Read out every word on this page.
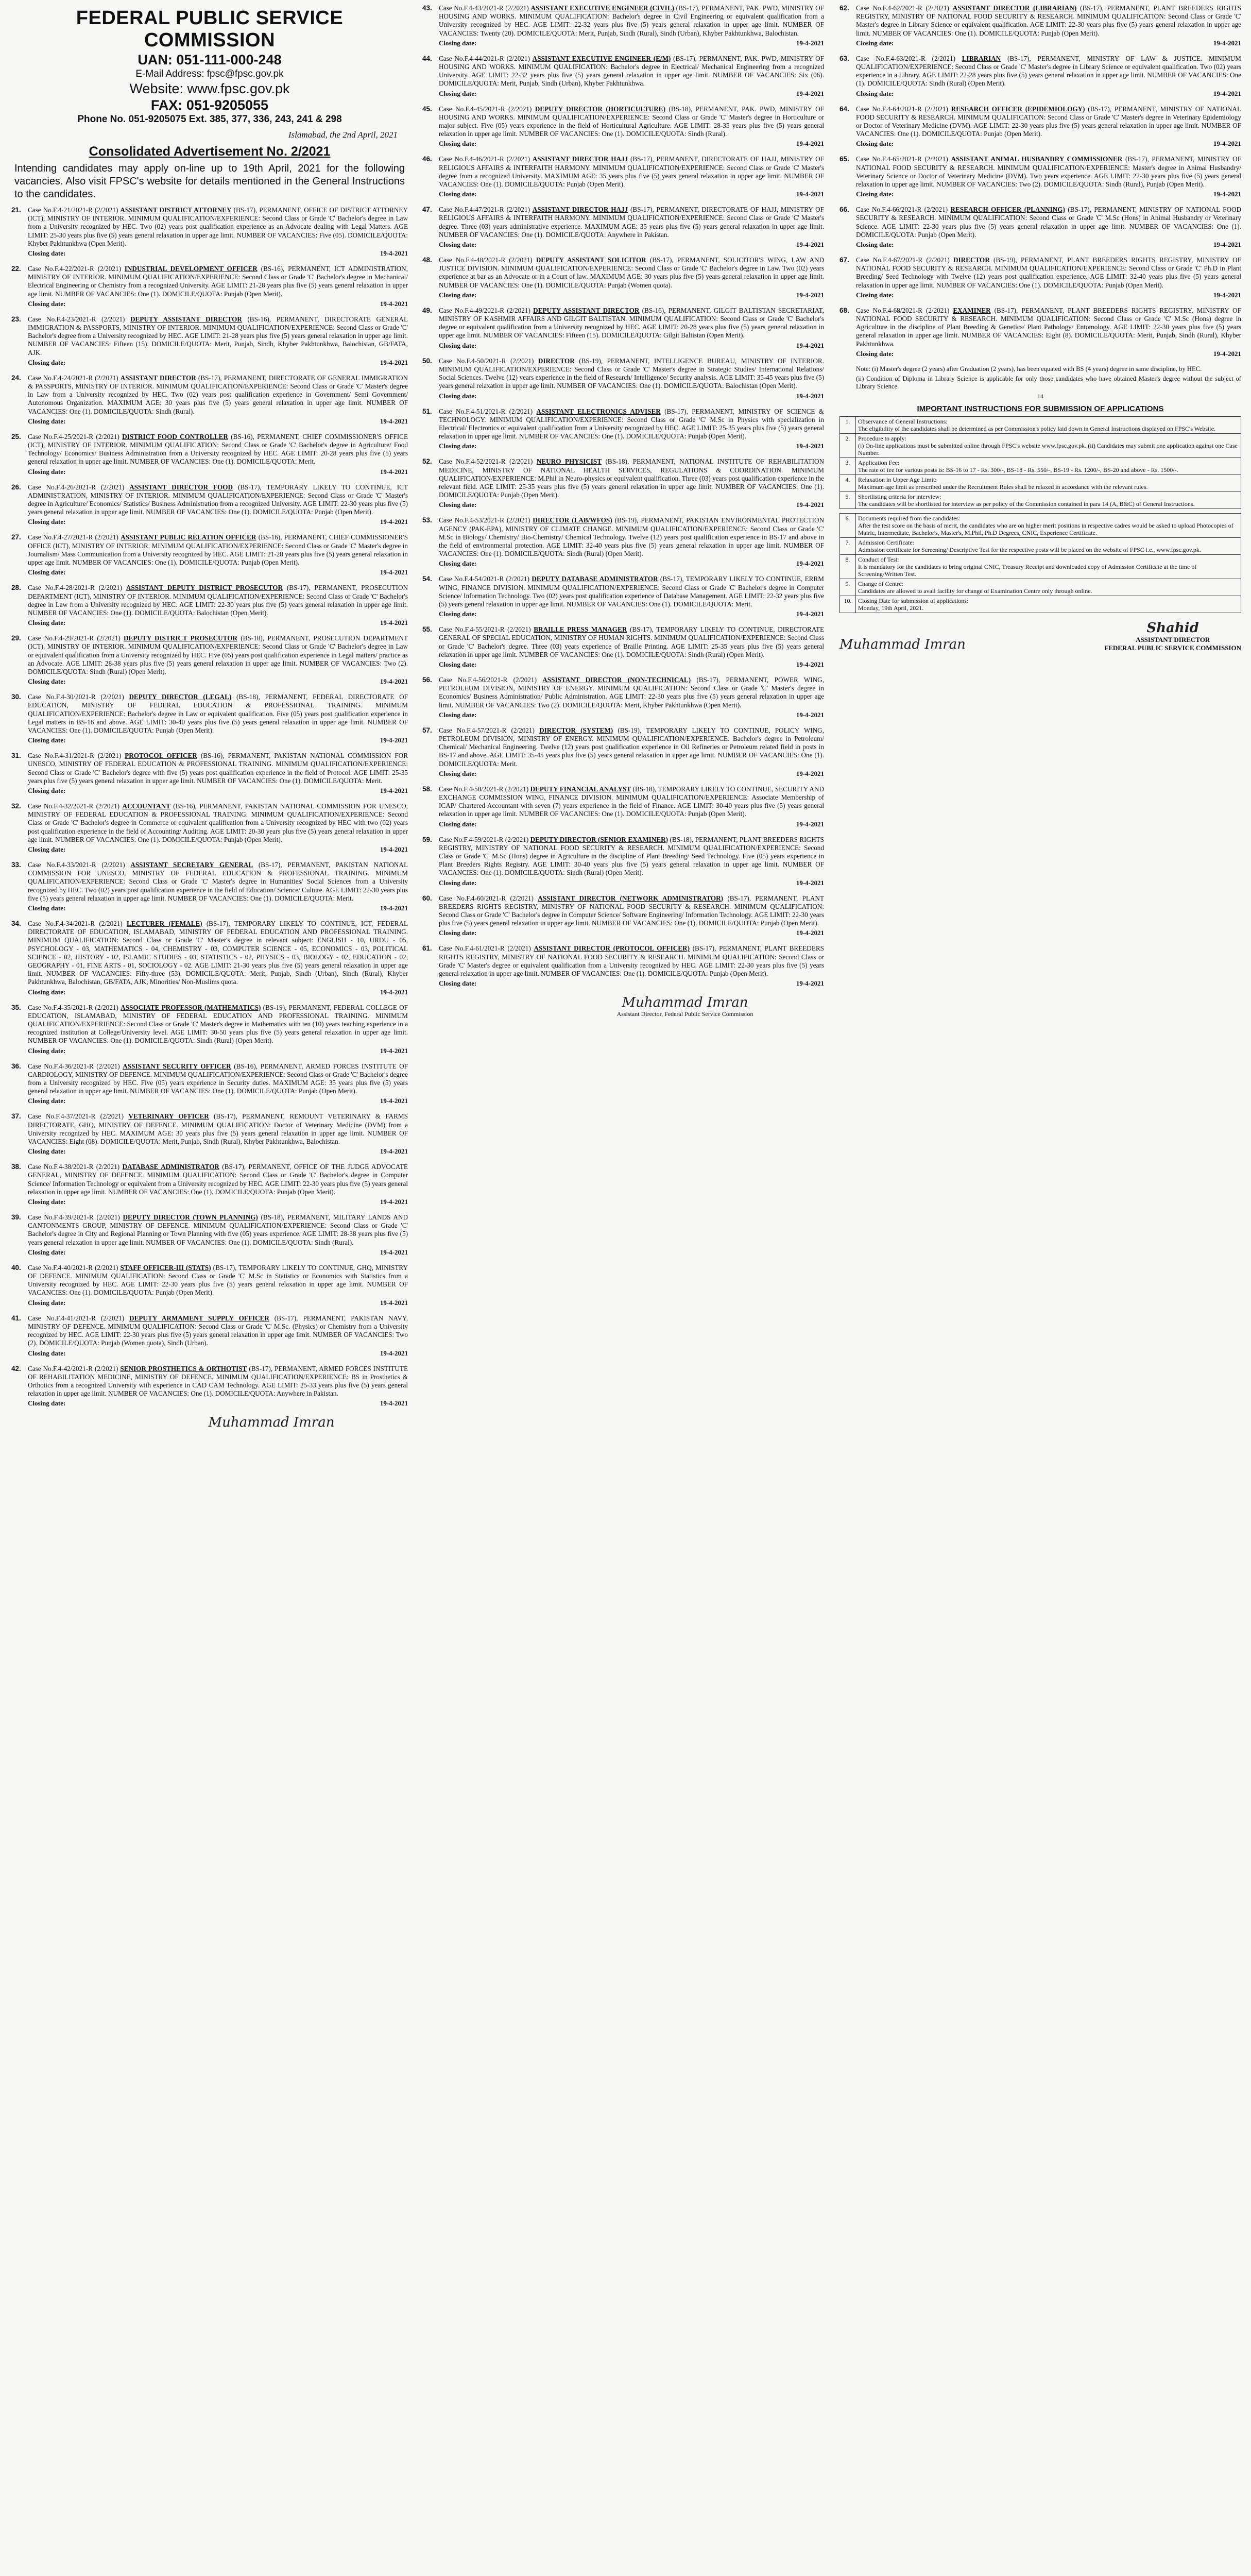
FEDERAL PUBLIC SERVICE COMMISSION
UAN: 051-111-000-248
E-Mail Address: fpsc@fpsc.gov.pk
Website: www.fpsc.gov.pk
FAX: 051-9205055
Phone No. 051-9205075 Ext. 385, 377, 336, 243, 241 & 298
Islamabad, the 2nd April, 2021
Consolidated Advertisement No. 2/2021
Intending candidates may apply on-line up to 19th April, 2021 for the following vacancies. Also visit FPSC's website for details mentioned in the General Instructions to the candidates.
21.	Case No.F.4-21/2021-R (2/2021) ASSISTANT DISTRICT ATTORNEY (BS-17), PERMANENT, OFFICE OF DISTRICT ATTORNEY (ICT), MINISTRY OF INTERIOR. MINIMUM QUALIFICATION/EXPERIENCE: Second Class or Grade 'C' Bachelor's degree in Law from a University recognized by HEC. Two (02) years post qualification experience as an Advocate dealing with Legal Matters. AGE LIMIT: 25-30 years plus five (5) years general relaxation in upper age limit. NUMBER OF VACANCIES: Five (05). DOMICILE/QUOTA: Khyber Pakhtunkhwa (Open Merit).
Closing date:	19-4-2021
22.	Case No.F.4-22/2021-R (2/2021) INDUSTRIAL DEVELOPMENT OFFICER (BS-16), PERMANENT, ICT ADMINISTRATION, MINISTRY OF INTERIOR. MINIMUM QUALIFICATION/EXPERIENCE: Second Class or Grade 'C' Bachelor's degree in Mechanical/ Electrical Engineering or Chemistry from a recognized University. AGE LIMIT: 21-28 years plus five (5) years general relaxation in upper age limit. NUMBER OF VACANCIES: One (1). DOMICILE/QUOTA: Punjab (Open Merit).
Closing date:	19-4-2021
23.	Case No.F.4-23/2021-R (2/2021) DEPUTY ASSISTANT DIRECTOR (BS-16), PERMANENT, DIRECTORATE GENERAL IMMIGRATION & PASSPORTS, MINISTRY OF INTERIOR. MINIMUM QUALIFICATION/EXPERIENCE: Second Class or Grade 'C' Bachelor's degree from a University recognized by HEC. AGE LIMIT: 21-28 years plus five (5) years general relaxation in upper age limit. NUMBER OF VACANCIES: Fifteen (15). DOMICILE/QUOTA: Merit, Punjab, Sindh, Khyber Pakhtunkhwa, Balochistan, GB/FATA, AJK.
Closing date:	19-4-2021
24.	Case No.F.4-24/2021-R (2/2021) ASSISTANT DIRECTOR (BS-17), PERMANENT, DIRECTORATE OF GENERAL IMMIGRATION & PASSPORTS, MINISTRY OF INTERIOR. MINIMUM QUALIFICATION/EXPERIENCE: Second Class or Grade 'C' Master's degree in Law from a University recognized by HEC. Two (02) years post qualification experience in Government/ Semi Government/ Autonomous Organization. MAXIMUM AGE: 30 years plus five (5) years general relaxation in upper age limit. NUMBER OF VACANCIES: One (1). DOMICILE/QUOTA: Sindh (Rural).
Closing date:	19-4-2021
25.	Case No.F.4-25/2021-R (2/2021) DISTRICT FOOD CONTROLLER (BS-16), PERMANENT, CHIEF COMMISSIONER'S OFFICE (ICT), MINISTRY OF INTERIOR. MINIMUM QUALIFICATION: Second Class or Grade 'C' Bachelor's degree in Agriculture/ Food Technology/ Economics/ Business Administration from a University recognized by HEC. AGE LIMIT: 20-28 years plus five (5) years general relaxation in upper age limit. NUMBER OF VACANCIES: One (1). DOMICILE/QUOTA: Merit.
Closing date:	19-4-2021
26.	Case No.F.4-26/2021-R (2/2021) ASSISTANT DIRECTOR FOOD (BS-17), TEMPORARY LIKELY TO CONTINUE, ICT ADMINISTRATION, MINISTRY OF INTERIOR. MINIMUM QUALIFICATION/EXPERIENCE: Second Class or Grade 'C' Master's degree in Agriculture/ Economics/ Statistics/ Business Administration from a recognized University. AGE LIMIT: 22-30 years plus five (5) years general relaxation in upper age limit. NUMBER OF VACANCIES: One (1). DOMICILE/QUOTA: Punjab (Open Merit).
Closing date:	19-4-2021
27.	Case No.F.4-27/2021-R (2/2021) ASSISTANT PUBLIC RELATION OFFICER (BS-16), PERMANENT, CHIEF COMMISSIONER'S OFFICE (ICT), MINISTRY OF INTERIOR. MINIMUM QUALIFICATION/EXPERIENCE: Second Class or Grade 'C' Master's degree in Journalism/ Mass Communication from a University recognized by HEC. AGE LIMIT: 21-28 years plus five (5) years general relaxation in upper age limit. NUMBER OF VACANCIES: One (1). DOMICILE/QUOTA: Punjab (Open Merit).
Closing date:	19-4-2021
28.	Case No.F.4-28/2021-R (2/2021) ASSISTANT DEPUTY DISTRICT PROSECUTOR (BS-17), PERMANENT, PROSECUTION DEPARTMENT (ICT), MINISTRY OF INTERIOR. MINIMUM QUALIFICATION/EXPERIENCE: Second Class or Grade 'C' Bachelor's degree in Law from a University recognized by HEC. AGE LIMIT: 22-30 years plus five (5) years general relaxation in upper age limit. NUMBER OF VACANCIES: One (1). DOMICILE/QUOTA: Balochistan (Open Merit).
Closing date:	19-4-2021
29.	Case No.F.4-29/2021-R (2/2021) DEPUTY DISTRICT PROSECUTOR (BS-18), PERMANENT, PROSECUTION DEPARTMENT (ICT), MINISTRY OF INTERIOR. MINIMUM QUALIFICATION/EXPERIENCE: Second Class or Grade 'C' Bachelor's degree in Law or equivalent qualification from a University recognized by HEC. Five (05) years post qualification experience in Legal matters/ practice as an Advocate. AGE LIMIT: 28-38 years plus five (5) years general relaxation in upper age limit. NUMBER OF VACANCIES: Two (2). DOMICILE/QUOTA: Sindh (Rural) (Open Merit).
Closing date:	19-4-2021
30.	Case No.F.4-30/2021-R (2/2021) DEPUTY DIRECTOR (LEGAL) (BS-18), PERMANENT, FEDERAL DIRECTORATE OF EDUCATION, MINISTRY OF FEDERAL EDUCATION & PROFESSIONAL TRAINING. MINIMUM QUALIFICATION/EXPERIENCE: Bachelor's degree in Law or equivalent qualification. Five (05) years post qualification experience in Legal matters in BS-16 and above. AGE LIMIT: 30-40 years plus five (5) years general relaxation in upper age limit. NUMBER OF VACANCIES: One (1). DOMICILE/QUOTA: Punjab (Open Merit).
Closing date:	19-4-2021
31.	Case No.F.4-31/2021-R (2/2021) PROTOCOL OFFICER (BS-16), PERMANENT, PAKISTAN NATIONAL COMMISSION FOR UNESCO, MINISTRY OF FEDERAL EDUCATION & PROFESSIONAL TRAINING. MINIMUM QUALIFICATION/EXPERIENCE: Second Class or Grade 'C' Bachelor's degree with five (5) years post qualification experience in the field of Protocol. AGE LIMIT: 25-35 years plus five (5) years general relaxation in upper age limit. NUMBER OF VACANCIES: One (1). DOMICILE/QUOTA: Merit.
Closing date:	19-4-2021
32.	Case No.F.4-32/2021-R (2/2021) ACCOUNTANT (BS-16), PERMANENT, PAKISTAN NATIONAL COMMISSION FOR UNESCO, MINISTRY OF FEDERAL EDUCATION & PROFESSIONAL TRAINING. MINIMUM QUALIFICATION/EXPERIENCE: Second Class or Grade 'C' Bachelor's degree in Commerce or equivalent qualification from a University recognized by HEC with two (02) years post qualification experience in the field of Accounting/ Auditing. AGE LIMIT: 20-30 years plus five (5) years general relaxation in upper age limit. NUMBER OF VACANCIES: One (1). DOMICILE/QUOTA: Punjab (Open Merit).
Closing date:	19-4-2021
33.	Case No.F.4-33/2021-R (2/2021) ASSISTANT SECRETARY GENERAL (BS-17), PERMANENT, PAKISTAN NATIONAL COMMISSION FOR UNESCO, MINISTRY OF FEDERAL EDUCATION & PROFESSIONAL TRAINING. MINIMUM QUALIFICATION/EXPERIENCE: Second Class or Grade 'C' Master's degree in Humanities/ Social Sciences from a University recognized by HEC. Two (02) years post qualification experience in the field of Education/ Science/ Culture. AGE LIMIT: 22-30 years plus five (5) years general relaxation in upper age limit. NUMBER OF VACANCIES: One (1). DOMICILE/QUOTA: Merit.
Closing date:	19-4-2021
34.	Case No.F.4-34/2021-R (2/2021) LECTURER (FEMALE) (BS-17), TEMPORARY LIKELY TO CONTINUE, ICT, FEDERAL DIRECTORATE OF EDUCATION, ISLAMABAD, MINISTRY OF FEDERAL EDUCATION AND PROFESSIONAL TRAINING. MINIMUM QUALIFICATION: Second Class or Grade 'C' Master's degree in relevant subject: ENGLISH - 10, URDU - 05, PSYCHOLOGY - 03, MATHEMATICS - 04, CHEMISTRY - 03, COMPUTER SCIENCE - 05, ECONOMICS - 03, POLITICAL SCIENCE - 02, HISTORY - 02, ISLAMIC STUDIES - 03, STATISTICS - 02, PHYSICS - 03, BIOLOGY - 02, EDUCATION - 02, GEOGRAPHY - 01, FINE ARTS - 01, SOCIOLOGY - 02. AGE LIMIT: 21-30 years plus five (5) years general relaxation in upper age limit. NUMBER OF VACANCIES: Fifty-three (53). DOMICILE/QUOTA: Merit, Punjab, Sindh (Urban), Sindh (Rural), Khyber Pakhtunkhwa, Balochistan, GB/FATA, AJK, Minorities/ Non-Muslims quota.
Closing date:	19-4-2021
35.	Case No.F.4-35/2021-R (2/2021) ASSOCIATE PROFESSOR (MATHEMATICS) (BS-19), PERMANENT, FEDERAL COLLEGE OF EDUCATION, ISLAMABAD, MINISTRY OF FEDERAL EDUCATION AND PROFESSIONAL TRAINING. MINIMUM QUALIFICATION/EXPERIENCE: Second Class or Grade 'C' Master's degree in Mathematics with ten (10) years teaching experience in a recognized institution at College/University level. AGE LIMIT: 30-50 years plus five (5) years general relaxation in upper age limit. NUMBER OF VACANCIES: One (1). DOMICILE/QUOTA: Sindh (Rural) (Open Merit).
Closing date:	19-4-2021
36.	Case No.F.4-36/2021-R (2/2021) ASSISTANT SECURITY OFFICER (BS-16), PERMANENT, ARMED FORCES INSTITUTE OF CARDIOLOGY, MINISTRY OF DEFENCE. MINIMUM QUALIFICATION/EXPERIENCE: Second Class or Grade 'C' Bachelor's degree from a University recognized by HEC. Five (05) years experience in Security duties. MAXIMUM AGE: 35 years plus five (5) years general relaxation in upper age limit. NUMBER OF VACANCIES: One (1). DOMICILE/QUOTA: Punjab (Open Merit).
Closing date:	19-4-2021
37.	Case No.F.4-37/2021-R (2/2021) VETERINARY OFFICER (BS-17), PERMANENT, REMOUNT VETERINARY & FARMS DIRECTORATE, GHQ, MINISTRY OF DEFENCE. MINIMUM QUALIFICATION: Doctor of Veterinary Medicine (DVM) from a University recognized by HEC. MAXIMUM AGE: 30 years plus five (5) years general relaxation in upper age limit. NUMBER OF VACANCIES: Eight (08). DOMICILE/QUOTA: Merit, Punjab, Sindh (Rural), Khyber Pakhtunkhwa, Balochistan.
Closing date:	19-4-2021
38.	Case No.F.4-38/2021-R (2/2021) DATABASE ADMINISTRATOR (BS-17), PERMANENT, OFFICE OF THE JUDGE ADVOCATE GENERAL, MINISTRY OF DEFENCE. MINIMUM QUALIFICATION: Second Class or Grade 'C' Bachelor's degree in Computer Science/ Information Technology or equivalent from a University recognized by HEC. AGE LIMIT: 22-30 years plus five (5) years general relaxation in upper age limit. NUMBER OF VACANCIES: One (1). DOMICILE/QUOTA: Punjab (Open Merit).
Closing date:	19-4-2021
39.	Case No.F.4-39/2021-R (2/2021) DEPUTY DIRECTOR (TOWN PLANNING) (BS-18), PERMANENT, MILITARY LANDS AND CANTONMENTS GROUP, MINISTRY OF DEFENCE. MINIMUM QUALIFICATION/EXPERIENCE: Second Class or Grade 'C' Bachelor's degree in City and Regional Planning or Town Planning with five (05) years experience. AGE LIMIT: 28-38 years plus five (5) years general relaxation in upper age limit. NUMBER OF VACANCIES: One (1). DOMICILE/QUOTA: Sindh (Rural).
Closing date:	19-4-2021
40.	Case No.F.4-40/2021-R (2/2021) STAFF OFFICER-III (STATS) (BS-17), TEMPORARY LIKELY TO CONTINUE, GHQ, MINISTRY OF DEFENCE. MINIMUM QUALIFICATION: Second Class or Grade 'C' M.Sc in Statistics or Economics with Statistics from a University recognized by HEC. AGE LIMIT: 22-30 years plus five (5) years general relaxation in upper age limit. NUMBER OF VACANCIES: One (1). DOMICILE/QUOTA: Punjab (Open Merit).
Closing date:	19-4-2021
41.	Case No.F.4-41/2021-R (2/2021) DEPUTY ARMAMENT SUPPLY OFFICER (BS-17), PERMANENT, PAKISTAN NAVY, MINISTRY OF DEFENCE. MINIMUM QUALIFICATION: Second Class or Grade 'C' M.Sc. (Physics) or Chemistry from a University recognized by HEC. AGE LIMIT: 22-30 years plus five (5) years general relaxation in upper age limit. NUMBER OF VACANCIES: Two (2). DOMICILE/QUOTA: Punjab (Women quota), Sindh (Urban).
Closing date:	19-4-2021
42.	Case No.F.4-42/2021-R (2/2021) SENIOR PROSTHETICS & ORTHOTIST (BS-17), PERMANENT, ARMED FORCES INSTITUTE OF REHABILITATION MEDICINE, MINISTRY OF DEFENCE. MINIMUM QUALIFICATION/EXPERIENCE: BS in Prosthetics & Orthotics from a recognized University with experience in CAD CAM Technology. AGE LIMIT: 25-33 years plus five (5) years general relaxation in upper age limit. NUMBER OF VACANCIES: One (1). DOMICILE/QUOTA: Anywhere in Pakistan.
Closing date:	19-4-2021
Muhammad Imran
43.	Case No.F.4-43/2021-R (2/2021) ASSISTANT EXECUTIVE ENGINEER (CIVIL) (BS-17), PERMANENT, PAK. PWD, MINISTRY OF HOUSING AND WORKS. MINIMUM QUALIFICATION: Bachelor's degree in Civil Engineering or equivalent qualification from a University recognized by HEC. AGE LIMIT: 22-32 years plus five (5) years general relaxation in upper age limit. NUMBER OF VACANCIES: Twenty (20). DOMICILE/QUOTA: Merit, Punjab, Sindh (Rural), Sindh (Urban), Khyber Pakhtunkhwa, Balochistan.
Closing date:	19-4-2021
44.	Case No.F.4-44/2021-R (2/2021) ASSISTANT EXECUTIVE ENGINEER (E/M) (BS-17), PERMANENT, PAK. PWD, MINISTRY OF HOUSING AND WORKS. MINIMUM QUALIFICATION: Bachelor's degree in Electrical/ Mechanical Engineering from a recognized University. AGE LIMIT: 22-32 years plus five (5) years general relaxation in upper age limit. NUMBER OF VACANCIES: Six (06). DOMICILE/QUOTA: Merit, Punjab, Sindh (Urban), Khyber Pakhtunkhwa.
Closing date:	19-4-2021
45.	Case No.F.4-45/2021-R (2/2021) DEPUTY DIRECTOR (HORTICULTURE) (BS-18), PERMANENT, PAK. PWD, MINISTRY OF HOUSING AND WORKS. MINIMUM QUALIFICATION/EXPERIENCE: Second Class or Grade 'C' Master's degree in Horticulture or major subject. Five (05) years experience in the field of Horticultural Agriculture. AGE LIMIT: 28-35 years plus five (5) years general relaxation in upper age limit. NUMBER OF VACANCIES: One (1). DOMICILE/QUOTA: Sindh (Rural).
Closing date:	19-4-2021
46.	Case No.F.4-46/2021-R (2/2021) ASSISTANT DIRECTOR HAJJ (BS-17), PERMANENT, DIRECTORATE OF HAJJ, MINISTRY OF RELIGIOUS AFFAIRS & INTERFAITH HARMONY. MINIMUM QUALIFICATION/EXPERIENCE: Second Class or Grade 'C' Master's degree from a recognized University. MAXIMUM AGE: 35 years plus five (5) years general relaxation in upper age limit. NUMBER OF VACANCIES: One (1). DOMICILE/QUOTA: Punjab (Open Merit).
Closing date:	19-4-2021
47.	Case No.F.4-47/2021-R (2/2021) ASSISTANT DIRECTOR HAJJ (BS-17), PERMANENT, DIRECTORATE OF HAJJ, MINISTRY OF RELIGIOUS AFFAIRS & INTERFAITH HARMONY. MINIMUM QUALIFICATION/EXPERIENCE: Second Class or Grade 'C' Master's degree. Three (03) years administrative experience. MAXIMUM AGE: 35 years plus five (5) years general relaxation in upper age limit. NUMBER OF VACANCIES: One (1). DOMICILE/QUOTA: Anywhere in Pakistan.
Closing date:	19-4-2021
48.	Case No.F.4-48/2021-R (2/2021) DEPUTY ASSISTANT SOLICITOR (BS-17), PERMANENT, SOLICITOR'S WING, LAW AND JUSTICE DIVISION. MINIMUM QUALIFICATION/EXPERIENCE: Second Class or Grade 'C' Bachelor's degree in Law. Two (02) years experience at bar as an Advocate or in a Court of law. MAXIMUM AGE: 30 years plus five (5) years general relaxation in upper age limit. NUMBER OF VACANCIES: One (1). DOMICILE/QUOTA: Punjab (Women quota).
Closing date:	19-4-2021
49.	Case No.F.4-49/2021-R (2/2021) DEPUTY ASSISTANT DIRECTOR (BS-16), PERMANENT, GILGIT BALTISTAN SECRETARIAT, MINISTRY OF KASHMIR AFFAIRS AND GILGIT BALTISTAN. MINIMUM QUALIFICATION: Second Class or Grade 'C' Bachelor's degree or equivalent qualification from a University recognized by HEC. AGE LIMIT: 20-28 years plus five (5) years general relaxation in upper age limit. NUMBER OF VACANCIES: Fifteen (15). DOMICILE/QUOTA: Gilgit Baltistan (Open Merit).
Closing date:	19-4-2021
50.	Case No.F.4-50/2021-R (2/2021) DIRECTOR (BS-19), PERMANENT, INTELLIGENCE BUREAU, MINISTRY OF INTERIOR. MINIMUM QUALIFICATION/EXPERIENCE: Second Class or Grade 'C' Master's degree in Strategic Studies/ International Relations/ Social Sciences. Twelve (12) years experience in the field of Research/ Intelligence/ Security analysis. AGE LIMIT: 35-45 years plus five (5) years general relaxation in upper age limit. NUMBER OF VACANCIES: One (1). DOMICILE/QUOTA: Balochistan (Open Merit).
Closing date:	19-4-2021
51.	Case No.F.4-51/2021-R (2/2021) ASSISTANT ELECTRONICS ADVISER (BS-17), PERMANENT, MINISTRY OF SCIENCE & TECHNOLOGY. MINIMUM QUALIFICATION/EXPERIENCE: Second Class or Grade 'C' M.Sc in Physics with specialization in Electrical/ Electronics or equivalent qualification from a University recognized by HEC. AGE LIMIT: 25-35 years plus five (5) years general relaxation in upper age limit. NUMBER OF VACANCIES: One (1). DOMICILE/QUOTA: Punjab (Open Merit).
Closing date:	19-4-2021
52.	Case No.F.4-52/2021-R (2/2021) NEURO PHYSICIST (BS-18), PERMANENT, NATIONAL INSTITUTE OF REHABILITATION MEDICINE, MINISTRY OF NATIONAL HEALTH SERVICES, REGULATIONS & COORDINATION. MINIMUM QUALIFICATION/EXPERIENCE: M.Phil in Neuro-physics or equivalent qualification. Three (03) years post qualification experience in the relevant field. AGE LIMIT: 25-35 years plus five (5) years general relaxation in upper age limit. NUMBER OF VACANCIES: One (1). DOMICILE/QUOTA: Punjab (Open Merit).
Closing date:	19-4-2021
53.	Case No.F.4-53/2021-R (2/2021) DIRECTOR (LAB/WFOS) (BS-19), PERMANENT, PAKISTAN ENVIRONMENTAL PROTECTION AGENCY (PAK-EPA), MINISTRY OF CLIMATE CHANGE. MINIMUM QUALIFICATION/EXPERIENCE: Second Class or Grade 'C' M.Sc in Biology/ Chemistry/ Bio-Chemistry/ Chemical Technology. Twelve (12) years post qualification experience in BS-17 and above in the field of environmental protection. AGE LIMIT: 32-40 years plus five (5) years general relaxation in upper age limit. NUMBER OF VACANCIES: One (1). DOMICILE/QUOTA: Sindh (Rural) (Open Merit).
Closing date:	19-4-2021
54.	Case No.F.4-54/2021-R (2/2021) DEPUTY DATABASE ADMINISTRATOR (BS-17), TEMPORARY LIKELY TO CONTINUE, ERRM WING, FINANCE DIVISION. MINIMUM QUALIFICATION/EXPERIENCE: Second Class or Grade 'C' Bachelor's degree in Computer Science/ Information Technology. Two (02) years post qualification experience of Database Management. AGE LIMIT: 22-32 years plus five (5) years general relaxation in upper age limit. NUMBER OF VACANCIES: One (1). DOMICILE/QUOTA: Merit.
Closing date:	19-4-2021
55.	Case No.F.4-55/2021-R (2/2021) BRAILLE PRESS MANAGER (BS-17), TEMPORARY LIKELY TO CONTINUE, DIRECTORATE GENERAL OF SPECIAL EDUCATION, MINISTRY OF HUMAN RIGHTS. MINIMUM QUALIFICATION/EXPERIENCE: Second Class or Grade 'C' Bachelor's degree. Three (03) years experience of Braille Printing. AGE LIMIT: 25-35 years plus five (5) years general relaxation in upper age limit. NUMBER OF VACANCIES: One (1). DOMICILE/QUOTA: Sindh (Rural) (Open Merit).
Closing date:	19-4-2021
56.	Case No.F.4-56/2021-R (2/2021) ASSISTANT DIRECTOR (NON-TECHNICAL) (BS-17), PERMANENT, POWER WING, PETROLEUM DIVISION, MINISTRY OF ENERGY. MINIMUM QUALIFICATION: Second Class or Grade 'C' Master's degree in Economics/ Business Administration/ Public Administration. AGE LIMIT: 22-30 years plus five (5) years general relaxation in upper age limit. NUMBER OF VACANCIES: Two (2). DOMICILE/QUOTA: Merit, Khyber Pakhtunkhwa (Open Merit).
Closing date:	19-4-2021
57.	Case No.F.4-57/2021-R (2/2021) DIRECTOR (SYSTEM) (BS-19), TEMPORARY LIKELY TO CONTINUE, POLICY WING, PETROLEUM DIVISION, MINISTRY OF ENERGY. MINIMUM QUALIFICATION/EXPERIENCE: Bachelor's degree in Petroleum/ Chemical/ Mechanical Engineering. Twelve (12) years post qualification experience in Oil Refineries or Petroleum related field in posts in BS-17 and above. AGE LIMIT: 35-45 years plus five (5) years general relaxation in upper age limit. NUMBER OF VACANCIES: One (1). DOMICILE/QUOTA: Merit.
Closing date:	19-4-2021
58.	Case No.F.4-58/2021-R (2/2021) DEPUTY FINANCIAL ANALYST (BS-18), TEMPORARY LIKELY TO CONTINUE, SECURITY AND EXCHANGE COMMISSION WING, FINANCE DIVISION. MINIMUM QUALIFICATION/EXPERIENCE: Associate Membership of ICAP/ Chartered Accountant with seven (7) years experience in the field of Finance. AGE LIMIT: 30-40 years plus five (5) years general relaxation in upper age limit. NUMBER OF VACANCIES: One (1). DOMICILE/QUOTA: Punjab (Open Merit).
Closing date:	19-4-2021
59.	Case No.F.4-59/2021-R (2/2021) DEPUTY DIRECTOR (SENIOR EXAMINER) (BS-18), PERMANENT, PLANT BREEDERS RIGHTS REGISTRY, MINISTRY OF NATIONAL FOOD SECURITY & RESEARCH. MINIMUM QUALIFICATION/EXPERIENCE: Second Class or Grade 'C' M.Sc (Hons) degree in Agriculture in the discipline of Plant Breeding/ Seed Technology. Five (05) years experience in Plant Breeders Rights Registry. AGE LIMIT: 30-40 years plus five (5) years general relaxation in upper age limit. NUMBER OF VACANCIES: One (1). DOMICILE/QUOTA: Sindh (Rural) (Open Merit).
Closing date:	19-4-2021
60.	Case No.F.4-60/2021-R (2/2021) ASSISTANT DIRECTOR (NETWORK ADMINISTRATOR) (BS-17), PERMANENT, PLANT BREEDERS RIGHTS REGISTRY, MINISTRY OF NATIONAL FOOD SECURITY & RESEARCH. MINIMUM QUALIFICATION: Second Class or Grade 'C' Bachelor's degree in Computer Science/ Software Engineering/ Information Technology. AGE LIMIT: 22-30 years plus five (5) years general relaxation in upper age limit. NUMBER OF VACANCIES: One (1). DOMICILE/QUOTA: Punjab (Open Merit).
Closing date:	19-4-2021
61.	Case No.F.4-61/2021-R (2/2021) ASSISTANT DIRECTOR (PROTOCOL OFFICER) (BS-17), PERMANENT, PLANT BREEDERS RIGHTS REGISTRY, MINISTRY OF NATIONAL FOOD SECURITY & RESEARCH. MINIMUM QUALIFICATION: Second Class or Grade 'C' Master's degree or equivalent qualification from a University recognized by HEC. AGE LIMIT: 22-30 years plus five (5) years general relaxation in upper age limit. NUMBER OF VACANCIES: One (1). DOMICILE/QUOTA: Punjab (Open Merit).
Closing date:	19-4-2021
Muhammad Imran
Assistant Director, Federal Public Service Commission
62.	Case No.F.4-62/2021-R (2/2021) ASSISTANT DIRECTOR (LIBRARIAN) (BS-17), PERMANENT, PLANT BREEDERS RIGHTS REGISTRY, MINISTRY OF NATIONAL FOOD SECURITY & RESEARCH. MINIMUM QUALIFICATION: Second Class or Grade 'C' Master's degree in Library Science or equivalent qualification. AGE LIMIT: 22-30 years plus five (5) years general relaxation in upper age limit. NUMBER OF VACANCIES: One (1). DOMICILE/QUOTA: Punjab (Open Merit).
Closing date:	19-4-2021
63.	Case No.F.4-63/2021-R (2/2021) LIBRARIAN (BS-17), PERMANENT, MINISTRY OF LAW & JUSTICE. MINIMUM QUALIFICATION/EXPERIENCE: Second Class or Grade 'C' Master's degree in Library Science or equivalent qualification. Two (02) years experience in a Library. AGE LIMIT: 22-28 years plus five (5) years general relaxation in upper age limit. NUMBER OF VACANCIES: One (1). DOMICILE/QUOTA: Sindh (Rural) (Open Merit).
Closing date:	19-4-2021
64.	Case No.F.4-64/2021-R (2/2021) RESEARCH OFFICER (EPIDEMIOLOGY) (BS-17), PERMANENT, MINISTRY OF NATIONAL FOOD SECURITY & RESEARCH. MINIMUM QUALIFICATION: Second Class or Grade 'C' Master's degree in Veterinary Epidemiology or Doctor of Veterinary Medicine (DVM). AGE LIMIT: 22-30 years plus five (5) years general relaxation in upper age limit. NUMBER OF VACANCIES: One (1). DOMICILE/QUOTA: Punjab (Open Merit).
Closing date:	19-4-2021
65.	Case No.F.4-65/2021-R (2/2021) ASSISTANT ANIMAL HUSBANDRY COMMISSIONER (BS-17), PERMANENT, MINISTRY OF NATIONAL FOOD SECURITY & RESEARCH. MINIMUM QUALIFICATION/EXPERIENCE: Master's degree in Animal Husbandry/ Veterinary Science or Doctor of Veterinary Medicine (DVM). Two years experience. AGE LIMIT: 22-30 years plus five (5) years general relaxation in upper age limit. NUMBER OF VACANCIES: Two (2). DOMICILE/QUOTA: Sindh (Rural), Punjab (Open Merit).
Closing date:	19-4-2021
66.	Case No.F.4-66/2021-R (2/2021) RESEARCH OFFICER (PLANNING) (BS-17), PERMANENT, MINISTRY OF NATIONAL FOOD SECURITY & RESEARCH. MINIMUM QUALIFICATION: Second Class or Grade 'C' M.Sc (Hons) in Animal Husbandry or Veterinary Science. AGE LIMIT: 22-30 years plus five (5) years general relaxation in upper age limit. NUMBER OF VACANCIES: One (1). DOMICILE/QUOTA: Punjab (Open Merit).
Closing date:	19-4-2021
67.	Case No.F.4-67/2021-R (2/2021) DIRECTOR (BS-19), PERMANENT, PLANT BREEDERS RIGHTS REGISTRY, MINISTRY OF NATIONAL FOOD SECURITY & RESEARCH. MINIMUM QUALIFICATION/EXPERIENCE: Second Class or Grade 'C' Ph.D in Plant Breeding/ Seed Technology with Twelve (12) years post qualification experience. AGE LIMIT: 32-40 years plus five (5) years general relaxation in upper age limit. NUMBER OF VACANCIES: One (1). DOMICILE/QUOTA: Punjab (Open Merit).
Closing date:	19-4-2021
68.	Case No.F.4-68/2021-R (2/2021) EXAMINER (BS-17), PERMANENT, PLANT BREEDERS RIGHTS REGISTRY, MINISTRY OF NATIONAL FOOD SECURITY & RESEARCH. MINIMUM QUALIFICATION: Second Class or Grade 'C' M.Sc (Hons) degree in Agriculture in the discipline of Plant Breeding & Genetics/ Plant Pathology/ Entomology. AGE LIMIT: 22-30 years plus five (5) years general relaxation in upper age limit. NUMBER OF VACANCIES: Eight (8). DOMICILE/QUOTA: Merit, Punjab, Sindh (Rural), Khyber Pakhtunkhwa.
Closing date:	19-4-2021
Note: (i) Master's degree (2 years) after Graduation (2 years), has been equated with BS (4 years) degree in same discipline, by HEC.
(ii) Condition of Diploma in Library Science is applicable for only those candidates who have obtained Master's degree without the subject of Library Science.
14
IMPORTANT INSTRUCTIONS FOR SUBMISSION OF APPLICATIONS
1.	Observance of General Instructions:
The eligibility of the candidates shall be determined as per Commission's policy laid down in General Instructions displayed on FPSC's Website.

2.	Procedure to apply:
(i) On-line applications must be submitted online through FPSC's website www.fpsc.gov.pk. (ii) Candidates may submit one application against one Case Number.

3.	Application Fee:
The rate of fee for various posts is: BS-16 to 17 - Rs. 300/-, BS-18 - Rs. 550/-, BS-19 - Rs. 1200/-, BS-20 and above - Rs. 1500/-.

4.	Relaxation in Upper Age Limit:
Maximum age limit as prescribed under the Recruitment Rules shall be relaxed in accordance with the relevant rules.

5.	Shortlisting criteria for interview:
The candidates will be shortlisted for interview as per policy of the Commission contained in para 14 (A, B&C) of General Instructions.
6.	Documents required from the candidates:
After the test score on the basis of merit, the candidates who are on higher merit positions in respective cadres would be asked to upload Photocopies of Matric, Intermediate, Bachelor's, Master's, M.Phil, Ph.D Degrees, CNIC, Experience Certificate.

7.	Admission Certificate:
Admission certificate for Screening/ Descriptive Test for the respective posts will be placed on the website of FPSC i.e., www.fpsc.gov.pk.

8.	Conduct of Test:
It is mandatory for the candidates to bring original CNIC, Treasury Receipt and downloaded copy of Admission Certificate at the time of Screening/Written Test.

9.	Change of Centre:
Candidates are allowed to avail facility for change of Examination Centre only through online.

10.	Closing Date for submission of applications:
Monday, 19th April, 2021.
Muhammad Imran
Shahid
ASSISTANT DIRECTOR
FEDERAL PUBLIC SERVICE COMMISSION
